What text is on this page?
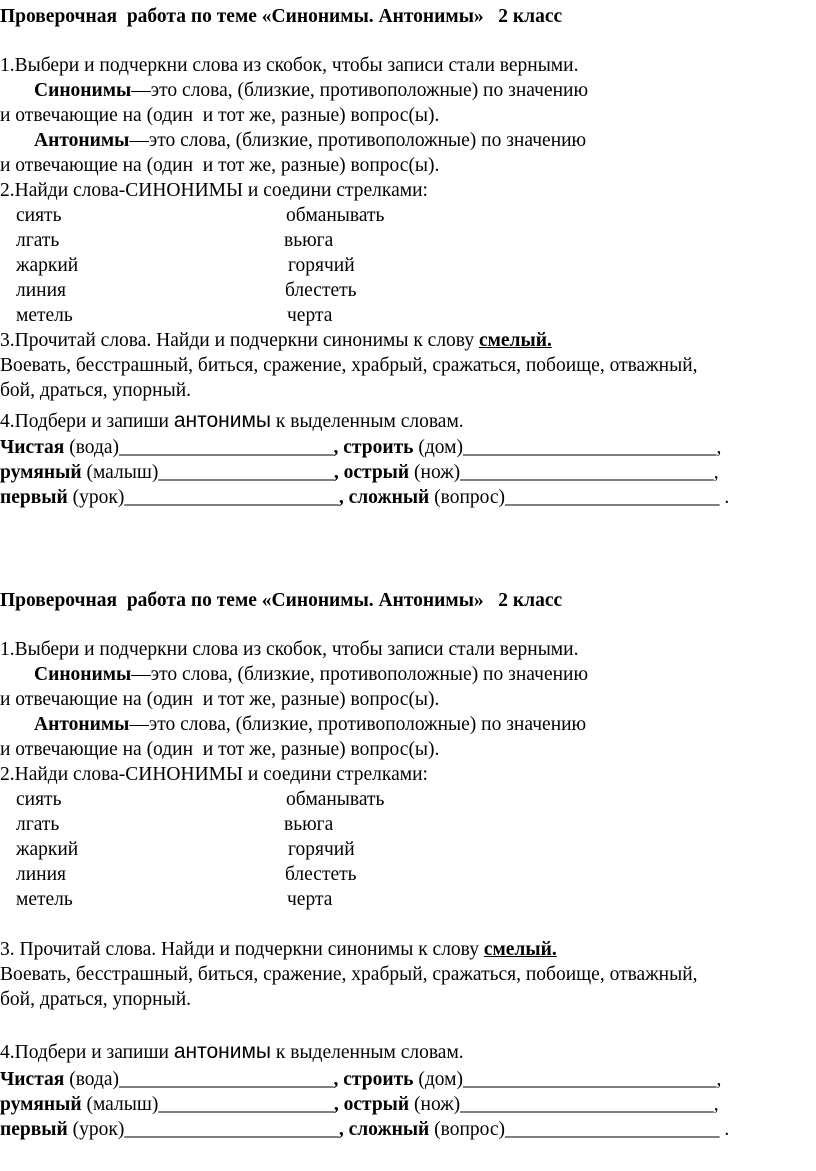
Проверочная  работа по теме «Синонимы. Антонимы»   2 класс
1.Выбери и подчеркни слова из скобок, чтобы записи стали верными.
Синонимы—это слова, (близкие, противоположные) по значению
и отвечающие на (один  и тот же, разные) вопрос(ы).
Антонимы—это слова, (близкие, противоположные) по значению
и отвечающие на (один  и тот же, разные) вопрос(ы).
2.Найди слова-СИНОНИМЫ и соедини стрелками:
сиять	обманывать
лгать	вьюга
жаркий	горячий
линия	блестеть
метель	черта
3.Прочитай слова. Найди и подчеркни синонимы к слову смелый.
Воевать, бесстрашный, биться, сражение, храбрый, сражаться, побоище, отважный,
бой, драться, упорный.
4.Подбери и запиши антонимы к выделенным словам.
Чистая (вода)______________________, строить (дом)__________________________,
румяный (малыш)__________________, острый (нож)__________________________,
первый (урок)______________________, сложный (вопрос)______________________ .
Проверочная  работа по теме «Синонимы. Антонимы»   2 класс
1.Выбери и подчеркни слова из скобок, чтобы записи стали верными.
Синонимы—это слова, (близкие, противоположные) по значению
и отвечающие на (один  и тот же, разные) вопрос(ы).
Антонимы—это слова, (близкие, противоположные) по значению
и отвечающие на (один  и тот же, разные) вопрос(ы).
2.Найди слова-СИНОНИМЫ и соедини стрелками:
сиять	обманывать
лгать	вьюга
жаркий	горячий
линия	блестеть
метель	черта
3. Прочитай слова. Найди и подчеркни синонимы к слову смелый.
Воевать, бесстрашный, биться, сражение, храбрый, сражаться, побоище, отважный,
бой, драться, упорный.
4.Подбери и запиши антонимы к выделенным словам.
Чистая (вода)______________________, строить (дом)__________________________,
румяный (малыш)__________________, острый (нож)__________________________,
первый (урок)______________________, сложный (вопрос)______________________ .
